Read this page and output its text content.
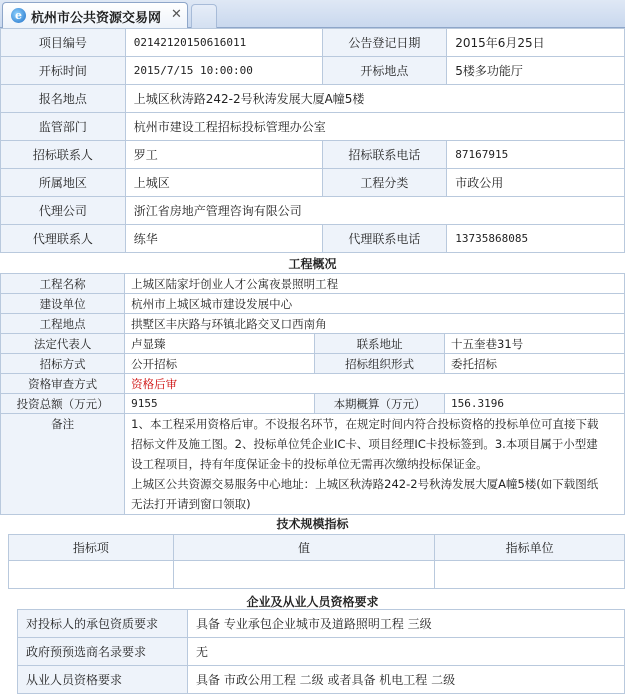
e 杭州市公共资源交易网 ✕
项目编号	02142120150616011	公告登记日期	2015年6月25日
开标时间	2015/7/15 10:00:00	开标地点	5楼多功能厅
报名地点	上城区秋涛路242-2号秋涛发展大厦A幢5楼		
监管部门	杭州市建设工程招标投标管理办公室		
招标联系人	罗工	招标联系电话	87167915
所属地区	上城区	工程分类	市政公用
代理公司	浙江省房地产管理咨询有限公司		
代理联系人	练华	代理联系电话	13735868085
工程概况
工程名称	上城区陆家圩创业人才公寓夜景照明工程		
建设单位	杭州市上城区城市建设发展中心		
工程地点	拱墅区丰庆路与环镇北路交叉口西南角		
法定代表人	卢显臻	联系地址	十五奎巷31号
招标方式	公开招标	招标组织形式	委托招标
资格审查方式	资格后审		
投资总额（万元）	9155	本期概算（万元）	156.3196
备注	1、本工程采用资格后审。不设报名环节，在规定时间内符合投标资格的投标单位可直接下载
招标文件及施工图。2、投标单位凭企业IC卡、项目经理IC卡投标签到。3.本项目属于小型建
设工程项目，持有年度保证金卡的投标单位无需再次缴纳投标保证金。
上城区公共资源交易服务中心地址：上城区秋涛路242-2号秋涛发展大厦A幢5楼(如下载图纸
无法打开请到窗口领取)		
技术规模指标
指标项	值	指标单位

企业及从业人员资格要求
对投标人的承包资质要求	具备 专业承包企业城市及道路照明工程 三级
政府预预选商名录要求	无
从业人员资格要求	具备 市政公用工程 二级 或者具备 机电工程 二级
